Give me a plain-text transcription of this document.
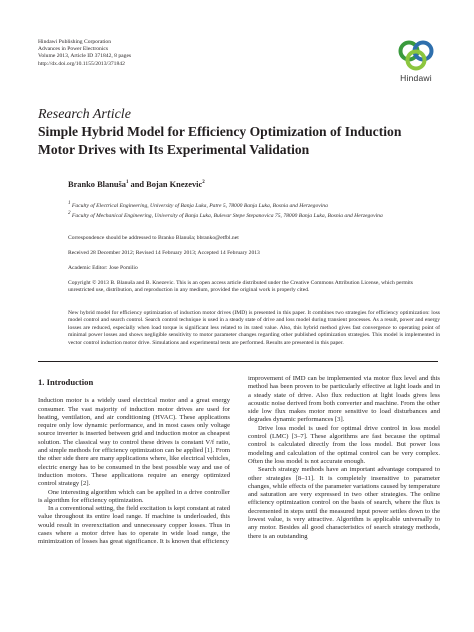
Hindawi Publishing Corporation
Advances in Power Electronics
Volume 2013, Article ID 371842, 8 pages
http://dx.doi.org/10.1155/2013/371842
Hindawi
Research Article
Simple Hybrid Model for Efficiency Optimization of Induction Motor Drives with Its Experimental Validation
Branko Blanuša$^1$ and Bojan Knezevic$^2$
$^1$ Faculty of Electrical Engineering, University of Banja Luka, Patre 5, 78000 Banja Luka, Bosnia and Herzegovina
$^2$ Faculty of Mechanical Engineering, University of Banja Luka, Bulevar Stepe Stepanovica 75, 78000 Banja Luka, Bosnia and Herzegovina
Correspondence should be addressed to Branko Blanuša; bbranko@etfbl.net
Received 28 December 2012; Revised 14 February 2013; Accepted 14 February 2013
Academic Editor: Jose Pomilio
Copyright © 2013 B. Blanuša and B. Knezevic. This is an open access article distributed under the Creative Commons Attribution License, which permits unrestricted use, distribution, and reproduction in any medium, provided the original work is properly cited.
New hybrid model for efficiency optimization of induction motor drives (IMD) is presented in this paper. It combines two strategies for efficiency optimization: loss model control and search control. Search control technique is used in a steady state of drive and loss model during transient processes. As a result, power and energy losses are reduced, especially when load torque is significant less related to its rated value. Also, this hybrid method gives fast convergence to operating point of minimal power losses and shows negligible sensitivity to motor parameter changes regarding other published optimization strategies. This model is implemented in vector control induction motor drive. Simulations and experimental tests are performed. Results are presented in this paper.
1. Introduction

Induction motor is a widely used electrical motor and a great energy consumer. The vast majority of induction motor drives are used for heating, ventilation, and air conditioning (HVAC). These applications require only low dynamic performance, and in most cases only voltage source inverter is inserted between grid and induction motor as cheapest solution. The classical way to control these drives is constant V/f ratio, and simple methods for efficiency optimization can be applied [1]. From the other side there are many applications where, like electrical vehicles, electric energy has to be consumed in the best possible way and use of induction motors. These applications require an energy optimized control strategy [2].

One interesting algorithm which can be applied in a drive controller is algorithm for efficiency optimization.

In a conventional setting, the field excitation is kept constant at rated value throughout its entire load range. If machine is underloaded, this would result in overexcitation and unnecessary copper losses. Thus in cases where a motor drive has to operate in wide load range, the minimization of losses has great significance. It is known that efficiency

improvement of IMD can be implemented via motor flux level and this method has been proven to be particularly effective at light loads and in a steady state of drive. Also flux reduction at light loads gives less acoustic noise derived from both converter and machine. From the other side low flux makes motor more sensitive to load disturbances and degrades dynamic performances [3].

Drive loss model is used for optimal drive control in loss model control (LMC) [3–7]. These algorithms are fast because the optimal control is calculated directly from the loss model. But power loss modeling and calculation of the optimal control can be very complex. Often the loss model is not accurate enough.

Search strategy methods have an important advantage compared to other strategies [8–11]. It is completely insensitive to parameter changes, while effects of the parameter variations caused by temperature and saturation are very expressed in two other strategies. The online efficiency optimization control on the basis of search, where the flux is decremented in steps until the measured input power settles down to the lowest value, is very attractive. Algorithm is applicable universally to any motor. Besides all good characteristics of search strategy methods, there is an outstanding
